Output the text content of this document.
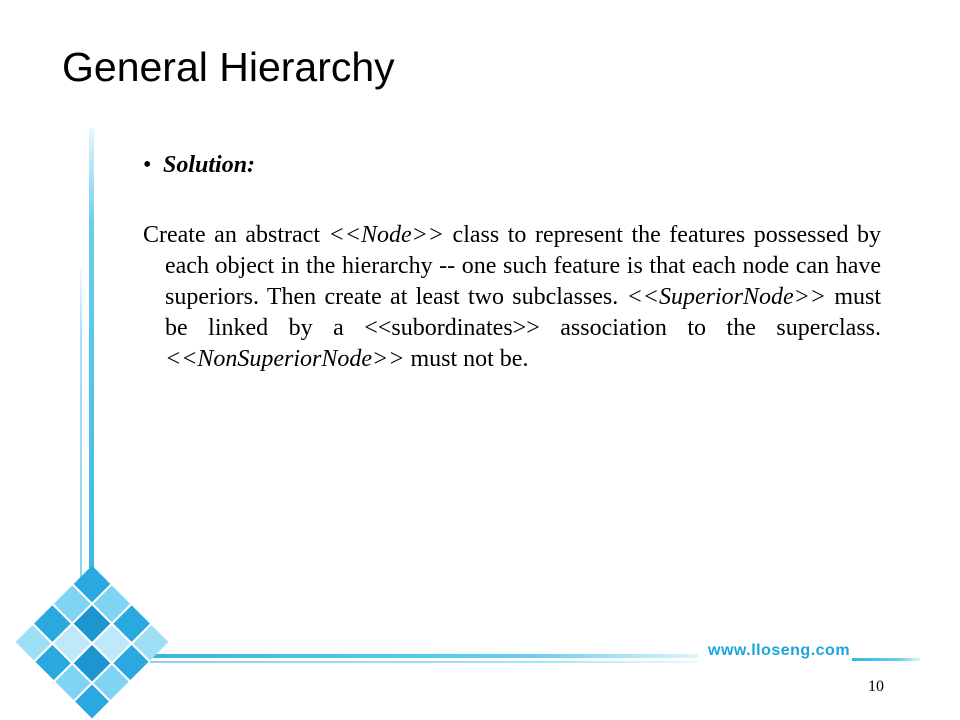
General Hierarchy

• Solution:

Create an abstract <<Node>> class to represent the features possessed by each object in the hierarchy -- one such feature is that each node can have superiors. Then create at least two subclasses. <<SuperiorNode>> must be linked by a <<subordinates>> association to the superclass. <<NonSuperiorNode>> must not be.

www.lloseng.com
10
